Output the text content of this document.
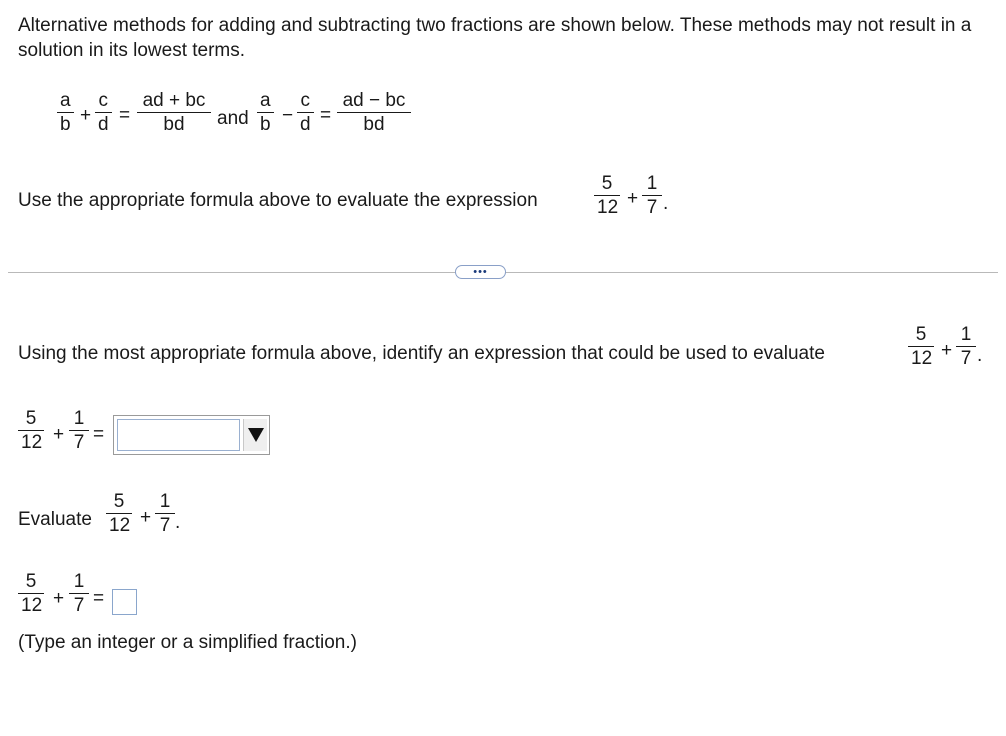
Alternative methods for adding and subtracting two fractions are shown below. These methods may not result in a solution in its lowest terms.
a
b +
c
d =
ad + bc
bd	and
a
b −
c
d =
ad − bc
bd
Use the appropriate formula above to evaluate the expression
5
12 +
1
7 .
•••
Using the most appropriate formula above, identify an expression that could be used to evaluate
5
12 +
1
7 .
5
12 +
1
7 =
Evaluate
5
12 +
1
7 .
5
12 +
1
7 =
(Type an integer or a simplified fraction.)
